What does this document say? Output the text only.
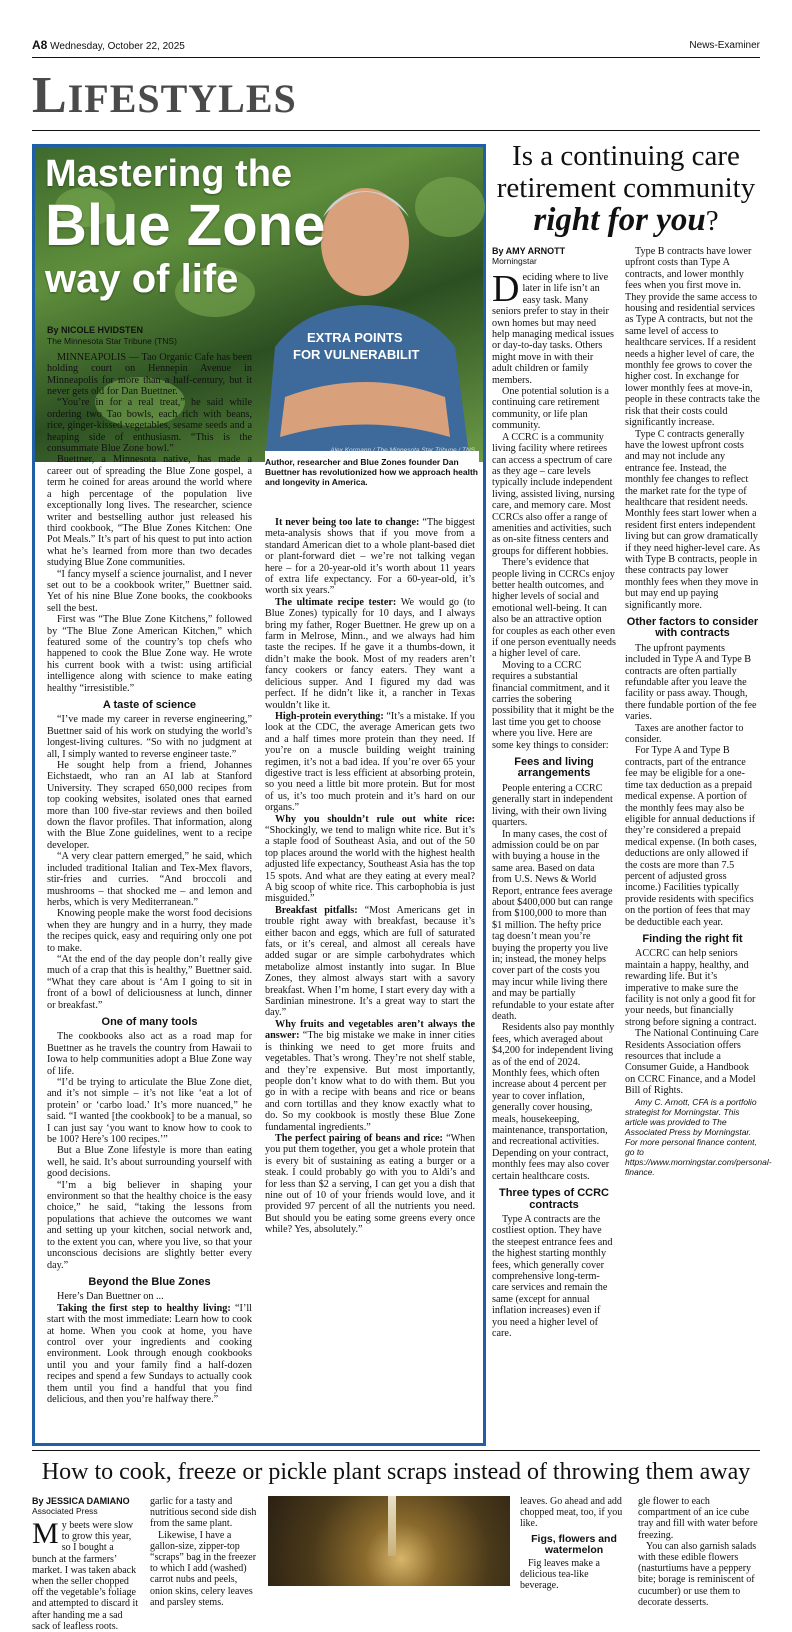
A8 Wednesday, October 22, 2025	News-Examiner
LIFESTYLES
EXTRA POINTS
FOR VULNERABILIT
Mastering the
Blue Zone
way of life
Author, researcher and Blue Zones founder Dan Buettner has revolutionized how we approach health and longevity in America.
By NICOLE HVIDSTEN
The Minnesota Star Tribune (TNS)

MINNEAPOLIS — Tao Organic Cafe has been holding court on Hennepin Avenue in Minneapolis for more than a half-century, but it never gets old for Dan Buettner.

“You’re in for a real treat,” he said while ordering two Tao bowls, each rich with beans, rice, ginger-kissed vegetables, sesame seeds and a heaping side of enthusiasm. “This is the consummate Blue Zone bowl.”

Buettner, a Minnesota native, has made a career out of spreading the Blue Zone gospel, a term he coined for areas around the world where a high percentage of the population live exceptionally long lives. The researcher, science writer and bestselling author just released his third cookbook, “The Blue Zones Kitchen: One Pot Meals.” It’s part of his quest to put into action what he’s learned from more than two decades studying Blue Zone communities.

“I fancy myself a science journalist, and I never set out to be a cookbook writer,” Buettner said. Yet of his nine Blue Zone books, the cookbooks sell the best.

First was “The Blue Zone Kitchens,” followed by “The Blue Zone American Kitchen,” which featured some of the country’s top chefs who happened to cook the Blue Zone way. He wrote his current book with a twist: using artificial intelligence along with science to make eating healthy “irresistible.”

A taste of science

“I’ve made my career in reverse engineering,” Buettner said of his work on studying the world’s longest-living cultures. “So with no judgment at all, I simply wanted to reverse engineer taste.”

He sought help from a friend, Johannes Eichstaedt, who ran an AI lab at Stanford University. They scraped 650,000 recipes from top cooking websites, isolated ones that earned more than 100 five-star reviews and then boiled down the flavor profiles. That information, along with the Blue Zone guidelines, went to a recipe developer.

“A very clear pattern emerged,” he said, which included traditional Italian and Tex-Mex flavors, stir-fries and curries. “And broccoli and mushrooms – that shocked me – and lemon and herbs, which is very Mediterranean.”

Knowing people make the worst food decisions when they are hungry and in a hurry, they made the recipes quick, easy and requiring only one pot to make.

“At the end of the day people don’t really give much of a crap that this is healthy,” Buettner said. “What they care about is ‘Am I going to sit in front of a bowl of deliciousness at lunch, dinner or breakfast.”

One of many tools

The cookbooks also act as a road map for Buettner as he travels the country from Hawaii to Iowa to help communities adopt a Blue Zone way of life.

“I’d be trying to articulate the Blue Zone diet, and it’s not simple – it’s not like ‘eat a lot of protein’ or ‘carbo load.’ It’s more nuanced,” he said. “I wanted [the cookbook] to be a manual, so I can just say ‘you want to know how to cook to be 100? Here’s 100 recipes.’”

But a Blue Zone lifestyle is more than eating well, he said. It’s about surrounding yourself with good decisions.

“I’m a big believer in shaping your environment so that the healthy choice is the easy choice,” he said, “taking the lessons from populations that achieve the outcomes we want and setting up your kitchen, social network and, to the extent you can, where you live, so that your unconscious decisions are slightly better every day.”

Beyond the Blue Zones

Here’s Dan Buettner on ...

Taking the first step to healthy living: “I’ll start with the most immediate: Learn how to cook at home. When you cook at home, you have control over your ingredients and cooking environment. Look through enough cookbooks until you and your family find a half-dozen recipes and spend a few Sundays to actually cook them until you find a handful that you find delicious, and then you’re halfway there.”

It never being too late to change: “The biggest meta-analysis shows that if you move from a standard American diet to a whole plant-based diet or plant-forward diet – we’re not talking vegan here – for a 20-year-old it’s worth about 11 years of extra life expectancy. For a 60-year-old, it’s worth six years.”

The ultimate recipe tester: We would go (to Blue Zones) typically for 10 days, and I always bring my father, Roger Buettner. He grew up on a farm in Melrose, Minn., and we always had him taste the recipes. If he gave it a thumbs-down, it didn’t make the book. Most of my readers aren’t fancy cookers or fancy eaters. They want a delicious supper. And I figured my dad was perfect. If he didn’t like it, a rancher in Texas wouldn’t like it.

High-protein everything: “It’s a mistake. If you look at the CDC, the average American gets two and a half times more protein than they need. If you’re on a muscle building weight training regimen, it’s not a bad idea. If you’re over 65 your digestive tract is less efficient at absorbing protein, so you need a little bit more protein. But for most of us, it’s too much protein and it’s hard on our organs.”

Why you shouldn’t rule out white rice: “Shockingly, we tend to malign white rice. But it’s a staple food of Southeast Asia, and out of the 50 top places around the world with the highest health adjusted life expectancy, Southeast Asia has the top 15 spots. And what are they eating at every meal? A big scoop of white rice. This carbophobia is just misguided.”

Breakfast pitfalls: “Most Americans get in trouble right away with breakfast, because it’s either bacon and eggs, which are full of saturated fats, or it’s cereal, and almost all cereals have added sugar or are simple carbohydrates which metabolize almost instantly into sugar. In Blue Zones, they almost always start with a savory breakfast. When I’m home, I start every day with a Sardinian minestrone. It’s a great way to start the day.”

Why fruits and vegetables aren’t always the answer: “The big mistake we make in inner cities is thinking we need to get more fruits and vegetables. That’s wrong. They’re not shelf stable, and they’re expensive. But most importantly, people don’t know what to do with them. But you go in with a recipe with beans and rice or beans and corn tortillas and they know exactly what to do. So my cookbook is mostly these Blue Zone fundamental ingredients.”

The perfect pairing of beans and rice: “When you put them together, you get a whole protein that is every bit of sustaining as eating a burger or a steak. I could probably go with you to Aldi’s and for less than $2 a serving, I can get you a dish that nine out of 10 of your friends would love, and it provided 97 percent of all the nutrients you need. But should you be eating some greens every once while? Yes, absolutely.”

Is a continuing care retirement community right for you?
By AMY ARNOTT
Morningstar

Deciding where to live later in life isn’t an easy task. Many seniors prefer to stay in their own homes but may need help managing medical issues or day-to-day tasks. Others might move in with their adult children or family members.

One potential solution is a continuing care retirement community, or life plan community.

A CCRC is a community living facility where retirees can access a spectrum of care as they age – care levels typically include independent living, assisted living, nursing care, and memory care. Most CCRCs also offer a range of amenities and activities, such as on-site fitness centers and groups for different hobbies.

There’s evidence that people living in CCRCs enjoy better health outcomes, and higher levels of social and emotional well-being. It can also be an attractive option for couples as each other even if one person eventually needs a higher level of care.

Moving to a CCRC requires a substantial financial commitment, and it carries the sobering possibility that it might be the last time you get to choose where you live. Here are some key things to consider:

Fees and living arrangements

People entering a CCRC generally start in independent living, with their own living quarters.

In many cases, the cost of admission could be on par with buying a house in the same area. Based on data from U.S. News & World Report, entrance fees average about $400,000 but can range from $100,000 to more than $1 million. The hefty price tag doesn’t mean you’re buying the property you live in; instead, the money helps cover part of the costs you may incur while living there and may be partially refundable to your estate after death.

Residents also pay monthly fees, which averaged about $4,200 for independent living as of the end of 2024. Monthly fees, which often increase about 4 percent per year to cover inflation, generally cover housing, meals, housekeeping, maintenance, transportation, and recreational activities. Depending on your contract, monthly fees may also cover certain healthcare costs.

Three types of CCRC contracts

Type A contracts are the costliest option. They have the steepest entrance fees and the highest starting monthly fees, which generally cover comprehensive long-term-care services and remain the same (except for annual inflation increases) even if you need a higher level of care.

Type B contracts have lower upfront costs than Type A contracts, and lower monthly fees when you first move in. They provide the same access to housing and residential services as Type A contracts, but not the same level of access to healthcare services. If a resident needs a higher level of care, the monthly fee grows to cover the higher cost. In exchange for lower monthly fees at move-in, people in these contracts take the risk that their costs could significantly increase.

Type C contracts generally have the lowest upfront costs and may not include any entrance fee. Instead, the monthly fee changes to reflect the market rate for the type of healthcare that resident needs. Monthly fees start lower when a resident first enters independent living but can grow dramatically if they need higher-level care. As with Type B contracts, people in these contracts pay lower monthly fees when they move in but may end up paying significantly more.

Other factors to consider with contracts

The upfront payments included in Type A and Type B contracts are often partially refundable after you leave the facility or pass away. Though, there fundable portion of the fee varies.

Taxes are another factor to consider.

For Type A and Type B contracts, part of the entrance fee may be eligible for a one-time tax deduction as a prepaid medical expense. A portion of the monthly fees may also be eligible for annual deductions if they’re considered a prepaid medical expense. (In both cases, deductions are only allowed if the costs are more than 7.5 percent of adjusted gross income.) Facilities typically provide residents with specifics on the portion of fees that may be deductible each year.

Finding the right fit

ACCRC can help seniors maintain a happy, healthy, and rewarding life. But it’s imperative to make sure the facility is not only a good fit for your needs, but financially strong before signing a contract.

The National Continuing Care Residents Association offers resources that include a Consumer Guide, a Handbook on CCRC Finance, and a Model Bill of Rights.

Amy C. Arnott, CFA is a portfolio strategist for Morningstar. This article was provided to The Associated Press by Morningstar. For more personal finance content, go to https://www.morningstar.com/personal-finance.

How to cook, freeze or pickle plant scraps instead of throwing them away
By JESSICA DAMIANO
Associated Press

My beets were slow to grow this year, so I bought a bunch at the farmers’ market. I was taken aback when the seller chopped off the vegetable’s foliage and attempted to discard it after handing me a sad sack of leafless roots.

garlic for a tasty and nutritious second side dish from the same plant.

Likewise, I have a gallon-size, zipper-top “scraps” bag in the freezer to which I add (washed) carrot nubs and peels, onion skins, celery leaves and parsley stems.

leaves. Go ahead and add chopped meat, too, if you like.

Figs, flowers and watermelon

Fig leaves make a delicious tea-like beverage.

gle flower to each compartment of an ice cube tray and fill with water before freezing.

You can also garnish salads with these edible flowers (nasturtiums have a peppery bite; borage is reminiscent of cucumber) or use them to decorate desserts.
